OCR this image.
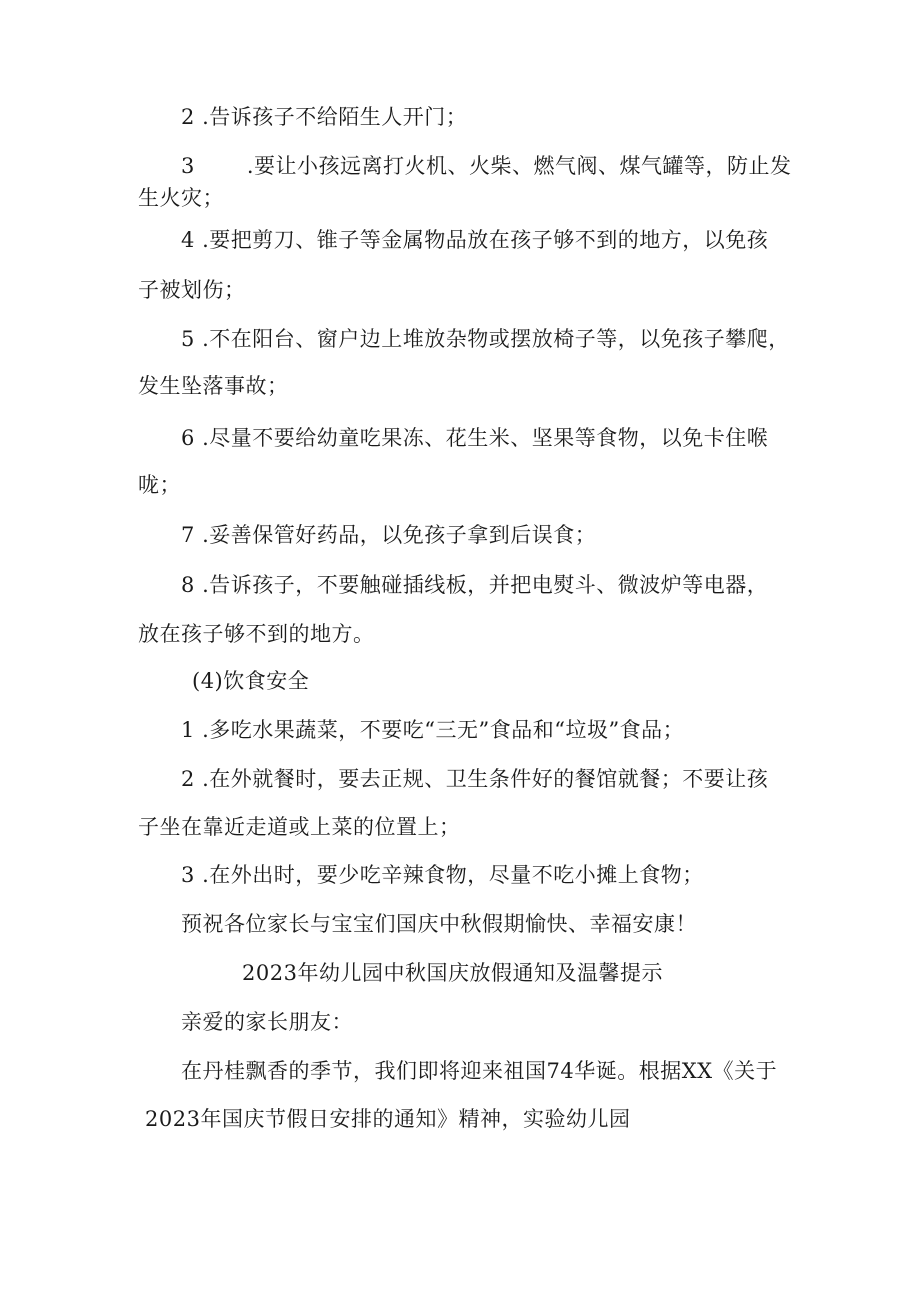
2 .告诉孩子不给陌生人开门；
3 .要让小孩远离打火机、火柴、燃气阀、煤气罐等，防止发
生火灾；
4 .要把剪刀、锥子等金属物品放在孩子够不到的地方，以免孩
子被划伤；
5 .不在阳台、窗户边上堆放杂物或摆放椅子等，以免孩子攀爬，
发生坠落事故；
6 .尽量不要给幼童吃果冻、花生米、坚果等食物，以免卡住喉
咙；
7 .妥善保管好药品，以免孩子拿到后误食；
8 .告诉孩子，不要触碰插线板，并把电熨斗、微波炉等电器，
放在孩子够不到的地方。
(4)饮食安全
1 .多吃水果蔬菜，不要吃“三无”食品和“垃圾”食品；
2 .在外就餐时，要去正规、卫生条件好的餐馆就餐；不要让孩
子坐在靠近走道或上菜的位置上；
3 .在外出时，要少吃辛辣食物，尽量不吃小摊上食物；
预祝各位家长与宝宝们国庆中秋假期愉快、幸福安康！
2023年幼儿园中秋国庆放假通知及温馨提示
亲爱的家长朋友：
在丹桂飘香的季节，我们即将迎来祖国74华诞。根据XX《关于
2023年国庆节假日安排的通知》精神，实验幼儿园
